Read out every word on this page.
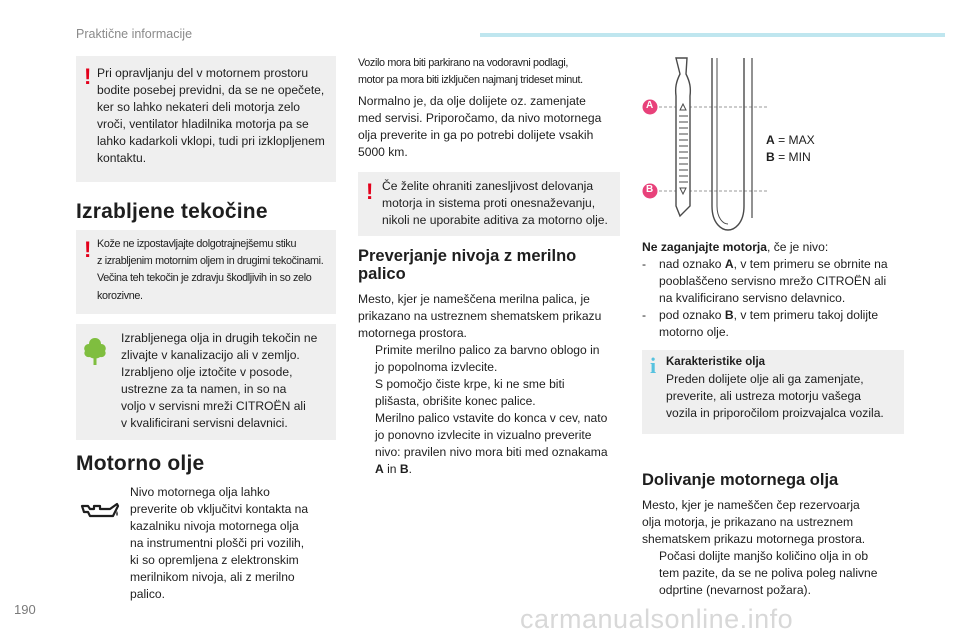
Praktične informacije
! Pri opravljanju del v motornem prostoru
bodite posebej previdni, da se ne opečete,
ker so lahko nekateri deli motorja zelo
vroči, ventilator hladilnika motorja pa se
lahko kadarkoli vklopi, tudi pri izklopljenem
kontaktu.
Izrabljene tekočine
! Kože ne izpostavljajte dolgotrajnejšemu stiku
z izrabljenim motornim oljem in drugimi tekočinami.
Večina teh tekočin je zdravju škodljivih in so zelo
korozivne.
Izrabljenega olja in drugih tekočin ne
zlivajte v kanalizacijo ali v zemljo.
Izrabljeno olje iztočite v posode,
ustrezne za ta namen, in so na
voljo v servisni mreži CITROËN ali
v kvalificirani servisni delavnici.
Motorno olje
Nivo motornega olja lahko
preverite ob vključitvi kontakta na
kazalniku nivoja motornega olja
na instrumentni plošči pri vozilih,
ki so opremljena z elektronskim
merilnikom nivoja, ali z merilno
palico.
Vozilo mora biti parkirano na vodoravni podlagi,
motor pa mora biti izključen najmanj trideset minut.
Normalno je, da olje dolijete oz. zamenjate
med servisi. Priporočamo, da nivo motornega
olja preverite in ga po potrebi dolijete vsakih
5000 km.
! Če želite ohraniti zanesljivost delovanja
motorja in sistema proti onesnaževanju,
nikoli ne uporabite aditiva za motorno olje.
Preverjanje nivoja z merilno
palico
Mesto, kjer je nameščena merilna palica, je
prikazano na ustreznem shematskem prikazu
motornega prostora.
Primite merilno palico za barvno oblogo in
jo popolnoma izvlecite.
S pomočjo čiste krpe, ki ne sme biti
plišasta, obrišite konec palice.
Merilno palico vstavite do konca v cev, nato
jo ponovno izvlecite in vizualno preverite
nivo: pravilen nivo mora biti med oznakama
A in B.
A
B
A = MAX
B = MIN
Ne zaganjajte motorja, če je nivo:
-	nad oznako A, v tem primeru se obrnite na
pooblaščeno servisno mrežo CITROËN ali
na kvalificirano servisno delavnico.
-	pod oznako B, v tem primeru takoj dolijte
motorno olje.
i Karakteristike olja
Preden dolijete olje ali ga zamenjate,
preverite, ali ustreza motorju vašega
vozila in priporočilom proizvajalca vozila.
Dolivanje motornega olja
Mesto, kjer je nameščen čep rezervoarja
olja motorja, je prikazano na ustreznem
shematskem prikazu motornega prostora.
Počasi dolijte manjšo količino olja in ob
tem pazite, da se ne poliva poleg nalivne
odprtine (nevarnost požara).
190	carmanualsonline.info
